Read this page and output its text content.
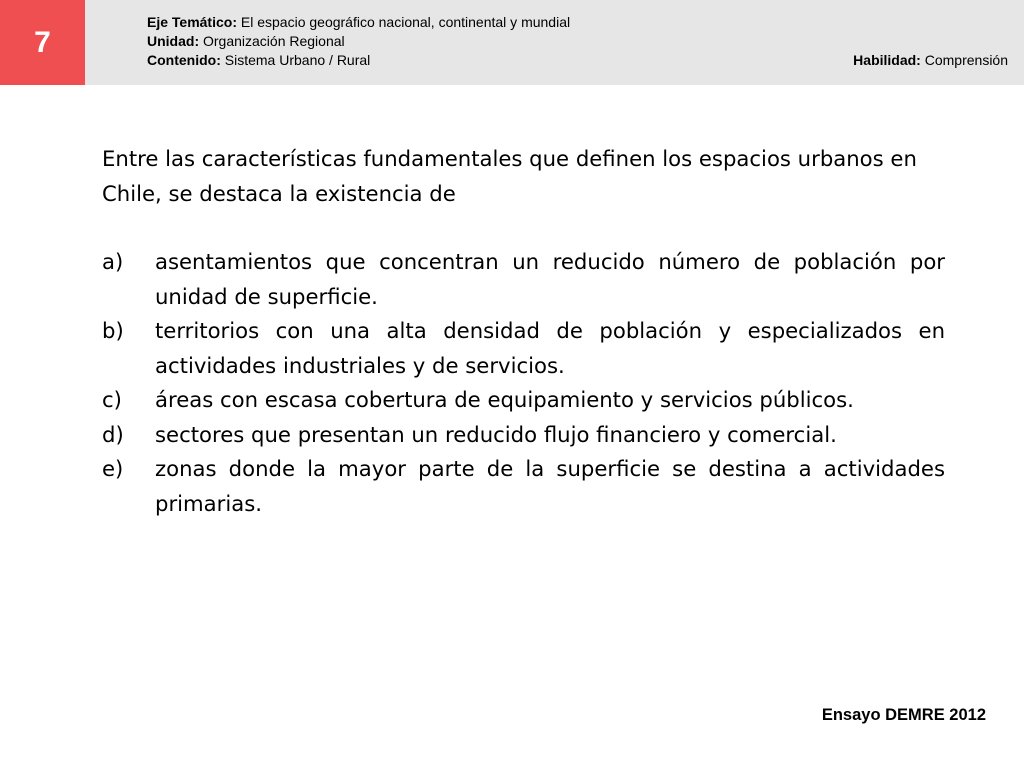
7
Eje Temático: El espacio geográfico nacional, continental y mundial
Unidad: Organización Regional
Contenido: Sistema Urbano / Rural	Habilidad: Comprensión

Entre las características fundamentales que definen los espacios urbanos en Chile, se destaca la existencia de

a)	asentamientos que concentran un reducido número de población por unidad de superficie.
b)	territorios con una alta densidad de población y especializados en actividades industriales y de servicios.
c)	áreas con escasa cobertura de equipamiento y servicios públicos.
d)	sectores que presentan un reducido flujo financiero y comercial.
e)	zonas donde la mayor parte de la superficie se destina a actividades primarias.
Ensayo DEMRE 2012
